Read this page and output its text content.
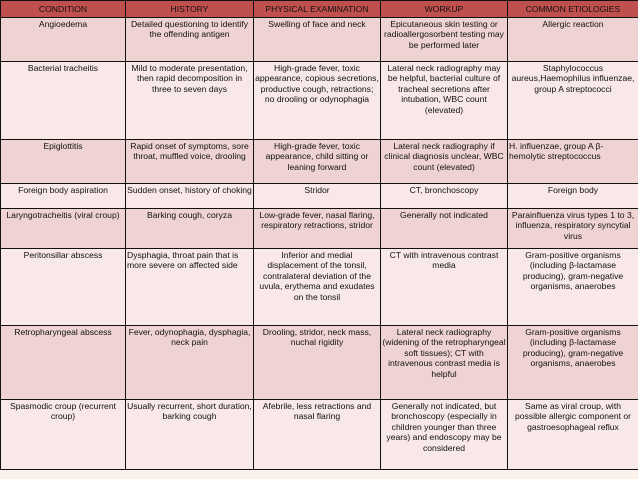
CONDITION	HISTORY	PHYSICAL EXAMINATION	WORKUP	COMMON ETIOLOGIES
Angioedema	Detailed questioning to identify the offending antigen	Swelling of face and neck	Epicutaneous skin testing or radioallergosorbent testing may be performed later	Allergic reaction
Bacterial tracheitis	Mild to moderate presentation, then rapid decomposition in three to seven days	High-grade fever, toxic appearance, copious secretions, productive cough, retractions; no drooling or odynophagia	Lateral neck radiography may be helpful, bacterial culture of tracheal secretions after intubation, WBC count (elevated)	Staphylococcus aureus,Haemophilus influenzae, group A streptococci
Epiglottitis	Rapid onset of symptoms, sore throat, muffled voice, drooling	High-grade fever, toxic appearance, child sitting or leaning forward	Lateral neck radiography if clinical diagnosis unclear, WBC count (elevated)	H. influenzae, group A β-hemolytic streptococcus
Foreign body aspiration	Sudden onset, history of choking	Stridor	CT, bronchoscopy	Foreign body
Laryngotracheitis (viral croup)	Barking cough, coryza	Low-grade fever, nasal flaring, respiratory retractions, stridor	Generally not indicated	Parainfluenza virus types 1 to 3, influenza, respiratory syncytial virus
Peritonsillar abscess	Dysphagia, throat pain that is more severe on affected side	Inferior and medial displacement of the tonsil, contralateral deviation of the uvula, erythema and exudates on the tonsil	CT with intravenous contrast media	Gram-positive organisms (including β-lactamase producing), gram-negative organisms, anaerobes
Retropharyngeal abscess	Fever, odynophagia, dysphagia, neck pain	Drooling, stridor, neck mass, nuchal rigidity	Lateral neck radiography (widening of the retropharyngeal soft tissues); CT with intravenous contrast media is helpful	Gram-positive organisms (including β-lactamase producing), gram-negative organisms, anaerobes
Spasmodic croup (recurrent croup)	Usually recurrent, short duration, barking cough	Afebrile, less retractions and nasal flaring	Generally not indicated, but bronchoscopy (especially in children younger than three years) and endoscopy may be considered	Same as viral croup, with possible allergic component or gastroesophageal reflux
